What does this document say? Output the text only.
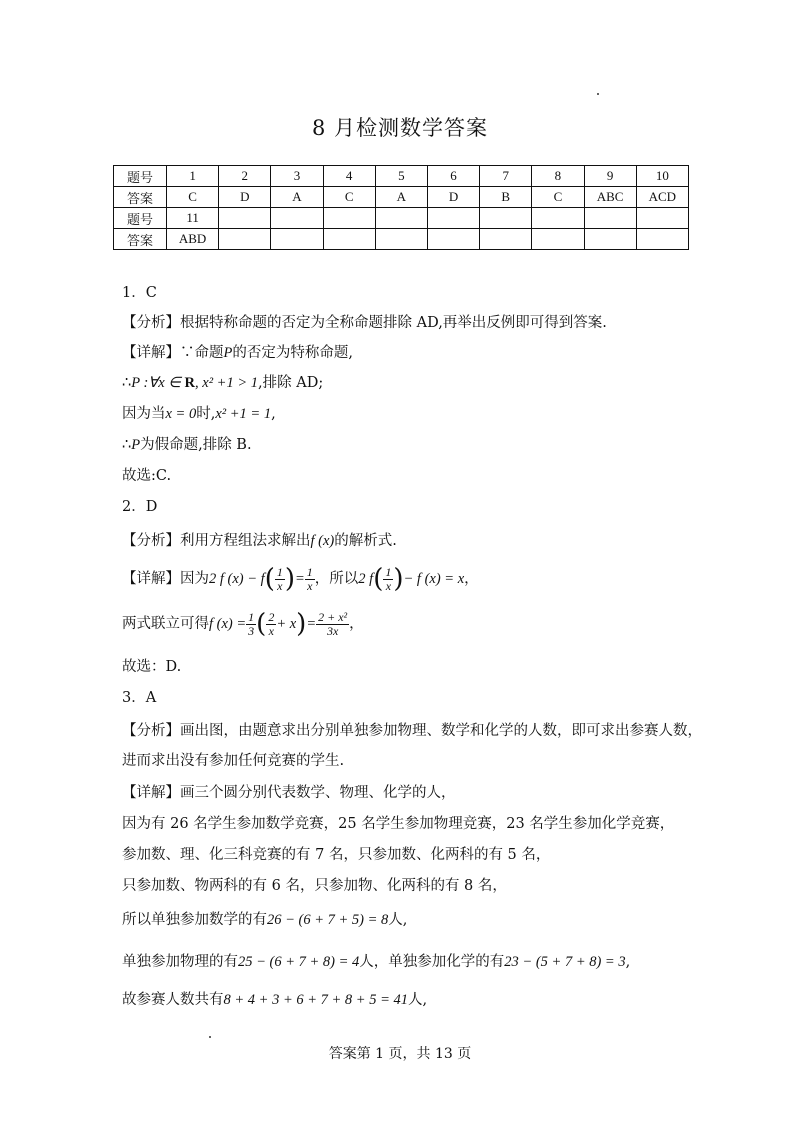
8 月检测数学答案
题号	1	2	3	4	5	6	7	8	9	10
答案	C	D	A	C	A	D	B	C	ABC	ACD
题号	11									
答案	ABD									
1．C
【分析】根据特称命题的否定为全称命题排除 AD,再举出反例即可得到答案.
【详解】∵命题P的否定为特称命题,
∴P :∀x ∈ R, x² +1 > 1,排除 AD;
因为当x = 0时,x² +1 = 1,
∴P为假命题,排除 B.
故选:C.
2．D
【分析】利用方程组法求解出f (x)的解析式.
【详解】因为2 f $(x) - f( \frac{1}{x}$ )= $\frac{1}{x}$ ，所以2 $f( \frac{1}{x}$ )− f (x) = x，
两式联立可得f $(x) = \frac{1}{3}$ ( $\frac{2}{x} + x)= \frac{\text{2 + x²}}{3x}$ ，
故选：D.
3．A
【分析】画出图，由题意求出分别单独参加物理、数学和化学的人数，即可求出参赛人数，
进而求出没有参加任何竞赛的学生.
【详解】画三个圆分别代表数学、物理、化学的人，
因为有 26 名学生参加数学竞赛，25 名学生参加物理竞赛，23 名学生参加化学竞赛，
参加数、理、化三科竞赛的有 7 名，只参加数、化两科的有 5 名，
只参加数、物两科的有 6 名，只参加物、化两科的有 8 名，
所以单独参加数学的有26 − (6 + 7 + 5) = 8人,
单独参加物理的有25 − (6 + 7 + 8) = 4人，单独参加化学的有23 − (5 + 7 + 8) = 3,
故参赛人数共有8 + 4 + 3 + 6 + 7 + 8 + 5 = 41人,
答案第 1 页，共 13 页
